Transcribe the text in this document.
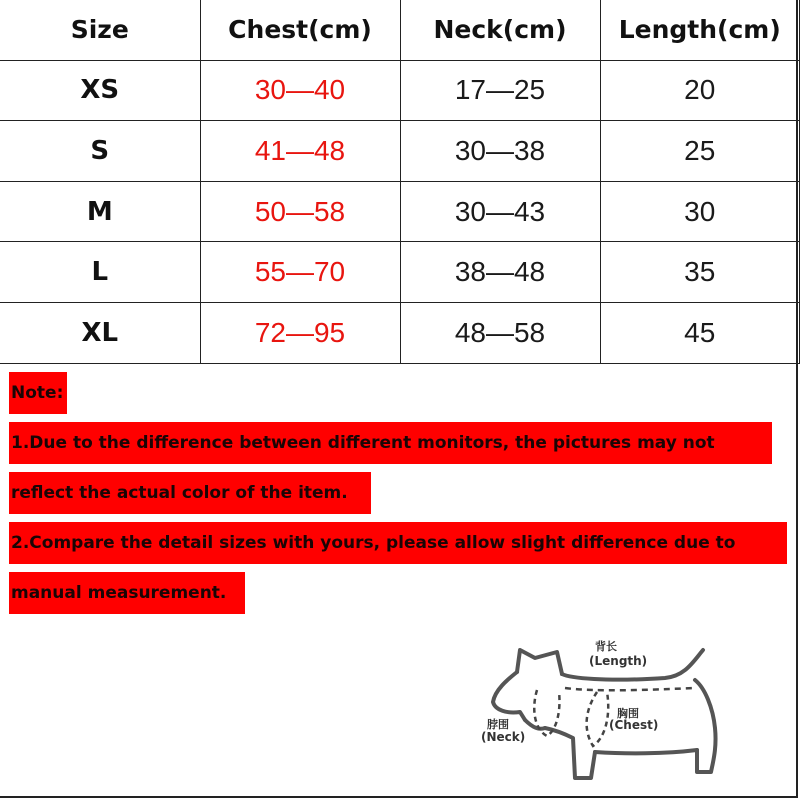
Size	Chest(cm)	Neck(cm)	Length(cm)
XS	30—40	17—25	20
S	41—48	30—38	25
M	50—58	30—43	30
L	55—70	38—48	35
XL	72—95	48—58	45
Note:
1.Due to the difference between different monitors, the pictures may not
reflect the actual color of the item.
2.Compare the detail sizes with yours, please allow slight difference due to
manual measurement.
背长
(Length)
胸围
(Chest)
脖围
(Neck)
